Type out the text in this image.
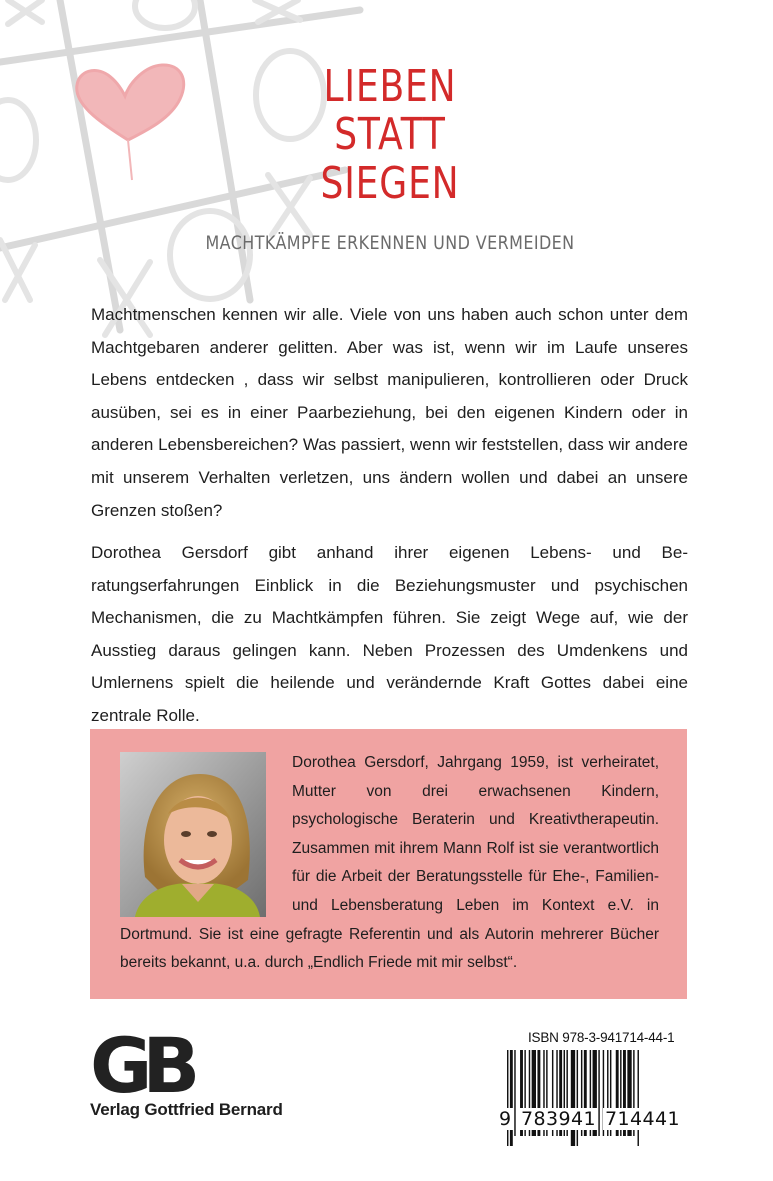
LIEBEN
STATT
SIEGEN
MACHTKÄMPFE ERKENNEN UND VERMEIDEN

Machtmenschen kennen wir alle. Viele von uns haben auch schon unter dem Machtgebaren anderer gelitten. Aber was ist, wenn wir im Laufe unseres Lebens entdecken , dass wir selbst manipulieren, kontrollieren oder Druck ausüben, sei es in einer Paarbeziehung, bei den eigenen Kindern oder in anderen Lebensbereichen? Was passiert, wenn wir feststellen, dass wir andere mit unserem Verhalten verletzen, uns ändern wollen und dabei an unsere Grenzen stoßen?

Dorothea Gersdorf gibt anhand ihrer eigenen Lebens- und Beratungserfahrungen Einblick in die Beziehungsmuster und psychischen Mechanismen, die zu Machtkämpfen führen. Sie zeigt Wege auf, wie der Ausstieg daraus gelingen kann. Neben Prozessen des Umdenkens und Umlernens spielt die heilende und verändernde Kraft Gottes dabei eine zentrale Rolle.

Dorothea Gersdorf, Jahrgang 1959, ist verheiratet, Mutter von drei erwachsenen Kindern, psychologische Beraterin und Kreativtherapeutin. Zusammen mit ihrem Mann Rolf ist sie verantwortlich für die Arbeit der Beratungsstelle für Ehe-, Familien- und Lebensberatung Leben im Kontext e.V. in Dortmund. Sie ist eine gefragte Referentin und als Autorin mehrerer Bücher bereits bekannt, u.a. durch „Endlich Friede mit mir selbst“.
GB
Verlag Gottfried Bernard
ISBN 978-3-941714-44-1
9 783941 714441
